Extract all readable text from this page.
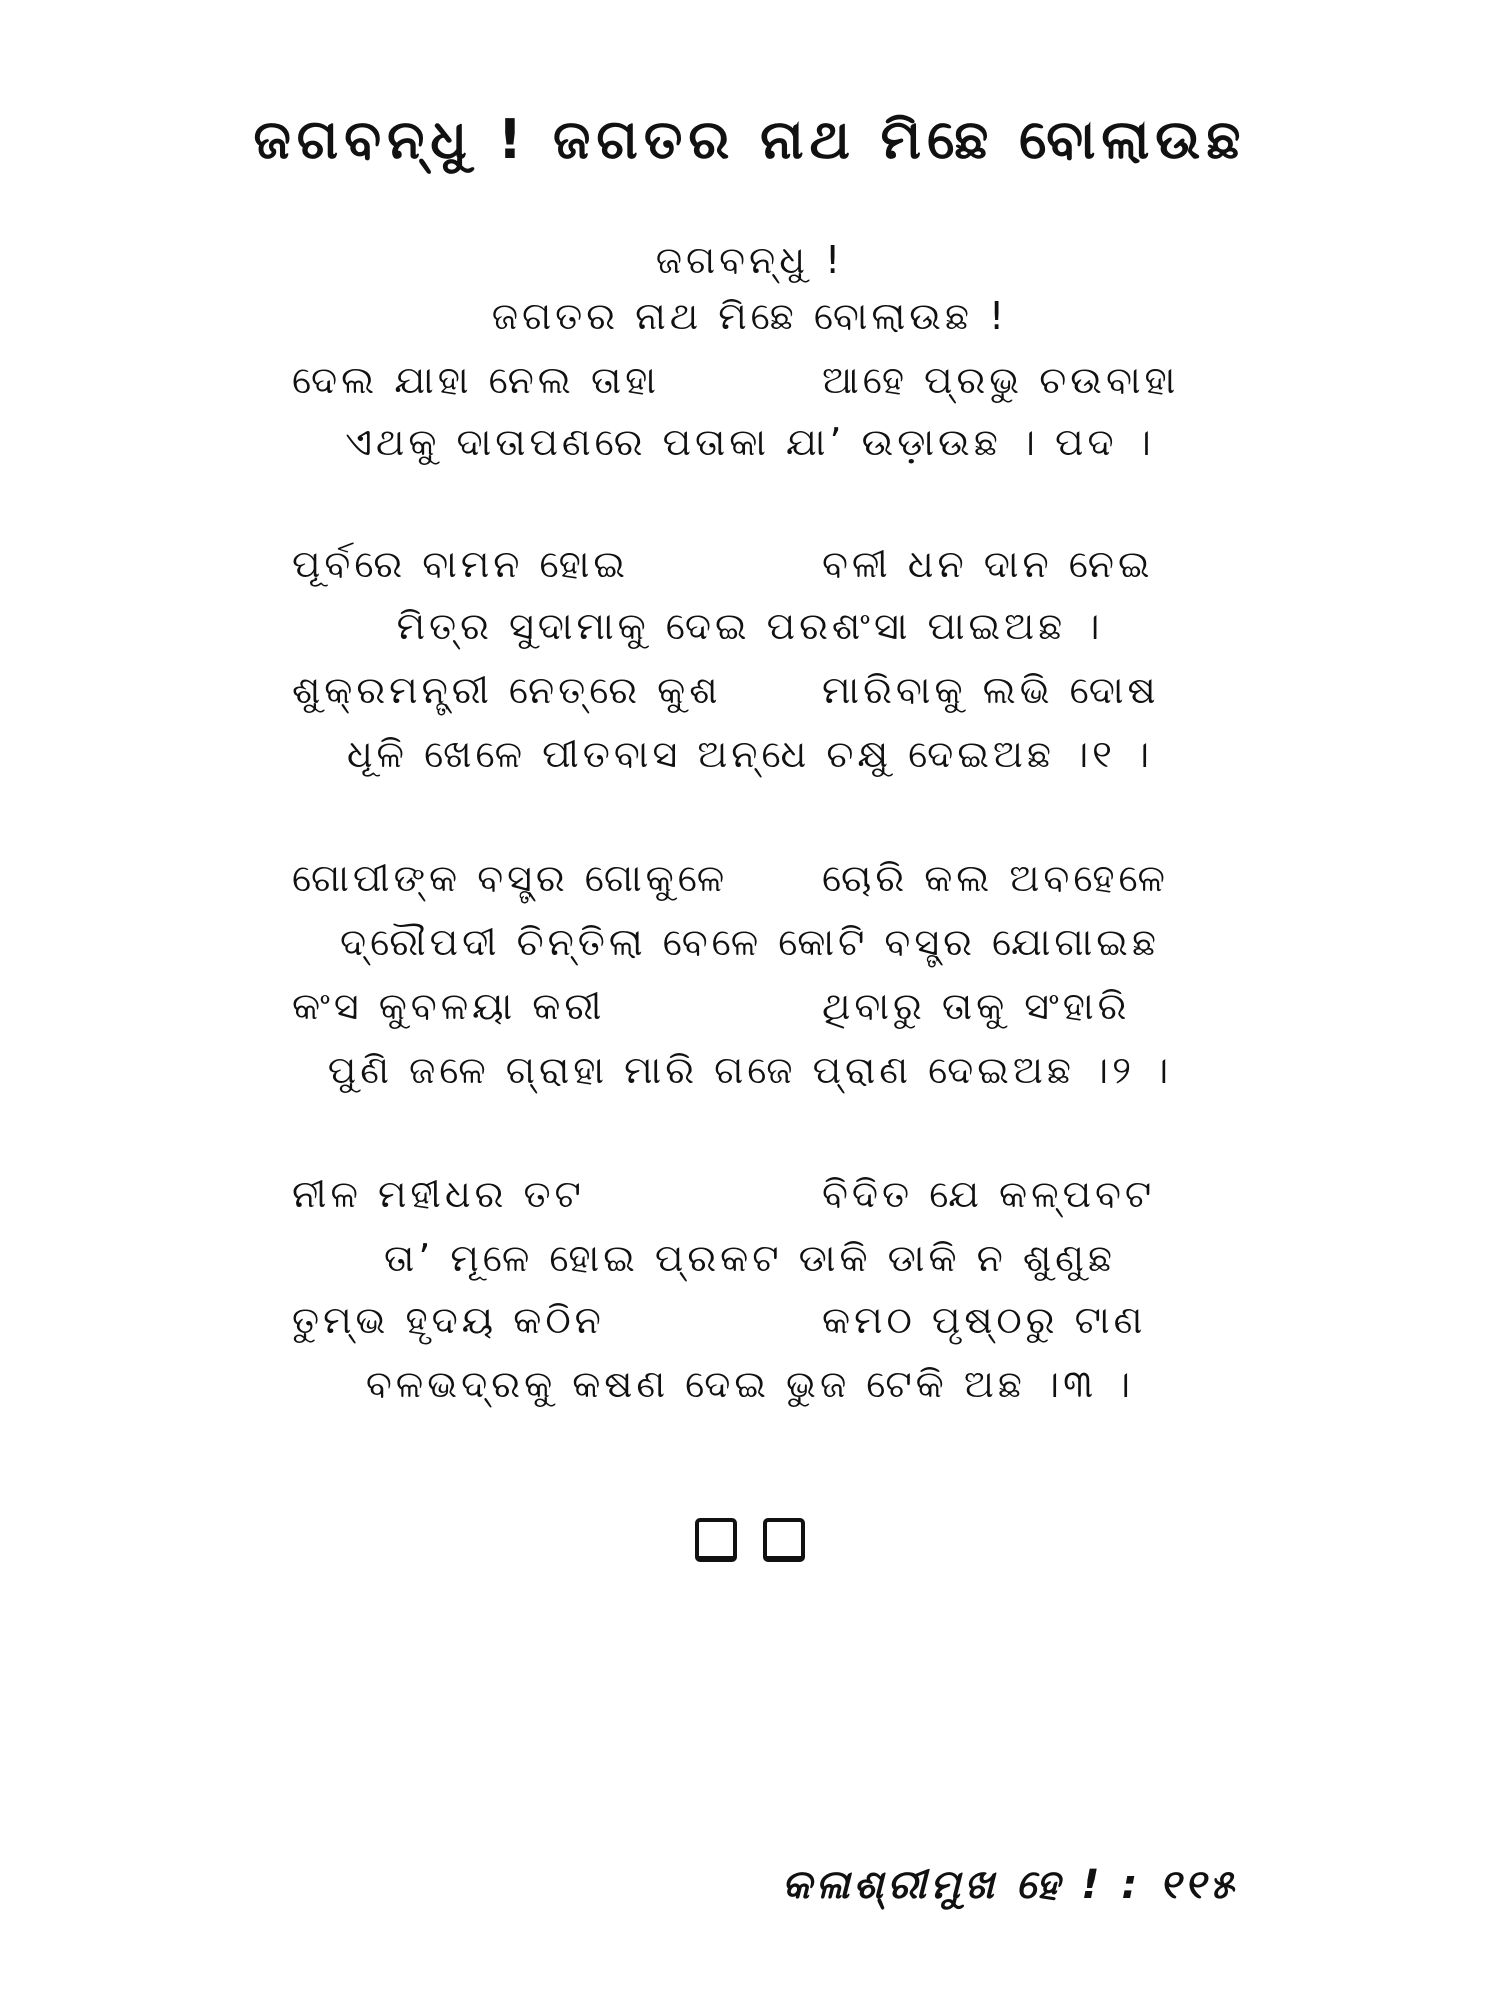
ଜଗବନ୍ଧୁ ! ଜଗତର ନାଥ ମିଛେ ବୋଲାଉଛ
ଜଗବନ୍ଧୁ !
ଜଗତର ନାଥ ମିଛେ ବୋଲାଉଛ !
ଦେଲ ଯାହା ନେଲ ତାହା	ଆହେ ପ୍ରଭୁ ଚଉବାହା
ଏଥକୁ ଦାତାପଣରେ ପତାକା ଯା’ ଉଡ଼ାଉଛ । ପଦ ।
ପୂର୍ବରେ ବାମନ ହୋଇ	ବଳୀ ଧନ ଦାନ ନେଇ
ମିତ୍ର ସୁଦାମାକୁ ଦେଇ ପରଶଂସା ପାଇଅଛ ।
ଶୁକ୍ରମନ୍ତ୍ରୀ ନେତ୍ରେ କୁଶ	ମାରିବାକୁ ଲଭି ଦୋଷ
ଧୂଳି ଖେଳେ ପୀତବାସ ଅନ୍ଧେ ଚକ୍ଷୁ ଦେଇଅଛ ।୧ ।
ଗୋପୀଙ୍କ ବସ୍ତ୍ର ଗୋକୁଳେ ଚୋରି କଲ ଅବହେଳେ
ଦ୍ରୌପଦୀ ଚିନ୍ତିଲା ବେଳେ କୋଟି ବସ୍ତ୍ର ଯୋଗାଇଛ
କଂସ କୁବଳୟା କରୀ	ଥିବାରୁ ତାକୁ ସଂହାରି
ପୁଣି ଜଳେ ଗ୍ରାହା ମାରି ଗଜେ ପ୍ରାଣ ଦେଇଅଛ ।୨ ।
ନୀଳ ମହୀଧର ତଟ	ବିଦିତ ଯେ କଳ୍ପବଟ
ତା’ ମୂଳେ ହୋଇ ପ୍ରକଟ ଡାକି ଡାକି ନ ଶୁଣୁଛ
ତୁମ୍ଭ ହୃଦୟ କଠିନ	କମଠ ପୃଷ୍ଠରୁ ଟାଣ
ବଳଭଦ୍ରକୁ କଷଣ ଦେଇ ଭୁଜ ଟେକି ଅଛ ।୩ ।
କଳାଶ୍ରୀମୁଖ ହେ ! : ୧୧୫
